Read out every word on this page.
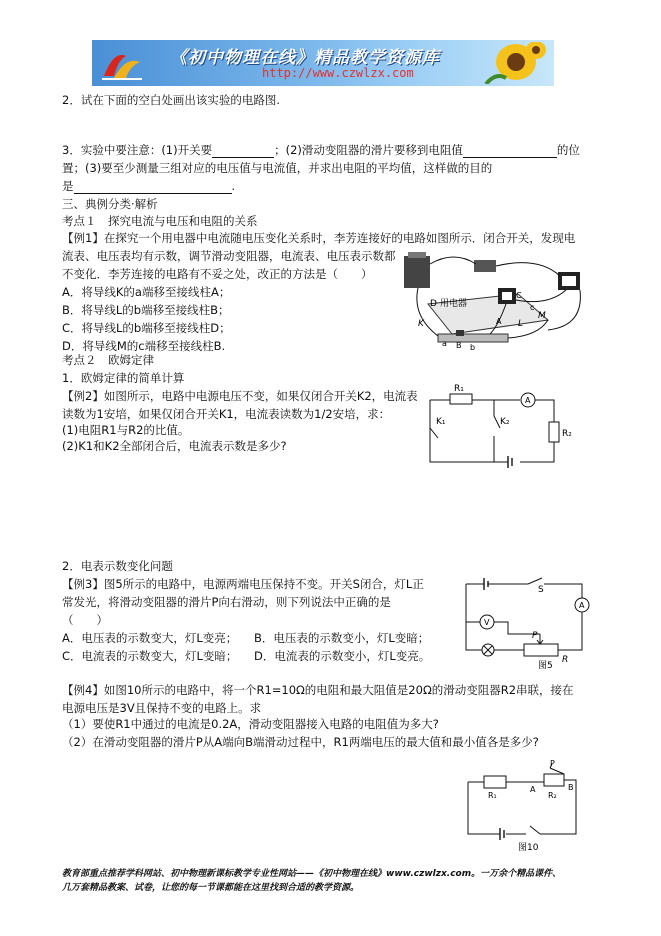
《初中物理在线》精品教学资源库
http://www.czwlzx.com
2．试在下面的空白处画出该实验的电路图.
3．实验中要注意：(1)开关要	；(2)滑动变阻器的滑片要移到电阻值	的位
置；(3)要至少测量三组对应的电压值与电流值，并求出电阻的平均值，这样做的目的
是	.
三、典例分类·解析
考点１　探究电流与电压和电阻的关系
【例1】在探究一个用电器中电流随电压变化关系时，李芳连接好的电路如图所示．闭合开关，发现电
流表、电压表均有示数，调节滑动变阻器，电流表、电压表示数都
不变化．李芳连接的电路有不妥之处，改正的方法是（　　）
A．将导线K的a端移至接线柱A；
B．将导线L的b端移至接线柱B；
C．将导线L的b端移至接线柱D；
D．将导线M的c端移至接线柱B.
D 用电器
C
K	L
M
A
B
a	b
c
考点２　欧姆定律
1．欧姆定律的简单计算
【例2】如图所示，电路中电源电压不变，如果仅闭合开关K2，电流表
读数为1安培，如果仅闭合开关K1，电流表读数为1/2安培，求：
(1)电阻R1与R2的比值。
(2)K1和K2全部闭合后，电流表示数是多少?
R₁
A
K₁	K₂
R₂
2．电表示数变化问题
【例3】图5所示的电路中，电源两端电压保持不变。开关S闭合，灯L正
常发光，将滑动变阻器的滑片P向右滑动，则下列说法中正确的是
（　　）
A．电压表的示数变大，灯L变亮； B．电压表的示数变小，灯L变暗；
C．电流表的示数变大，灯L变暗； D．电流表的示数变小，灯L变亮。
S
A
V
P
R
图5
【例4】如图10所示的电路中，将一个R1=10Ω的电阻和最大阻值是20Ω的滑动变阻器R2串联，接在
电源电压是3V且保持不变的电路上。求
（1）要使R1中通过的电流是0.2A，滑动变阻器接入电路的电阻值为多大?
（2）在滑动变阻器的滑片P从A端向B端滑动过程中，R1两端电压的最大值和最小值各是多少?
P
R₁
A	B
R₂
图10
教育部重点推荐学科网站、初中物理新课标教学专业性网站——《初中物理在线》www.czwlzx.com。一万余个精品课件、
几万套精品教案、试卷，让您的每一节课都能在这里找到合适的教学资源。
